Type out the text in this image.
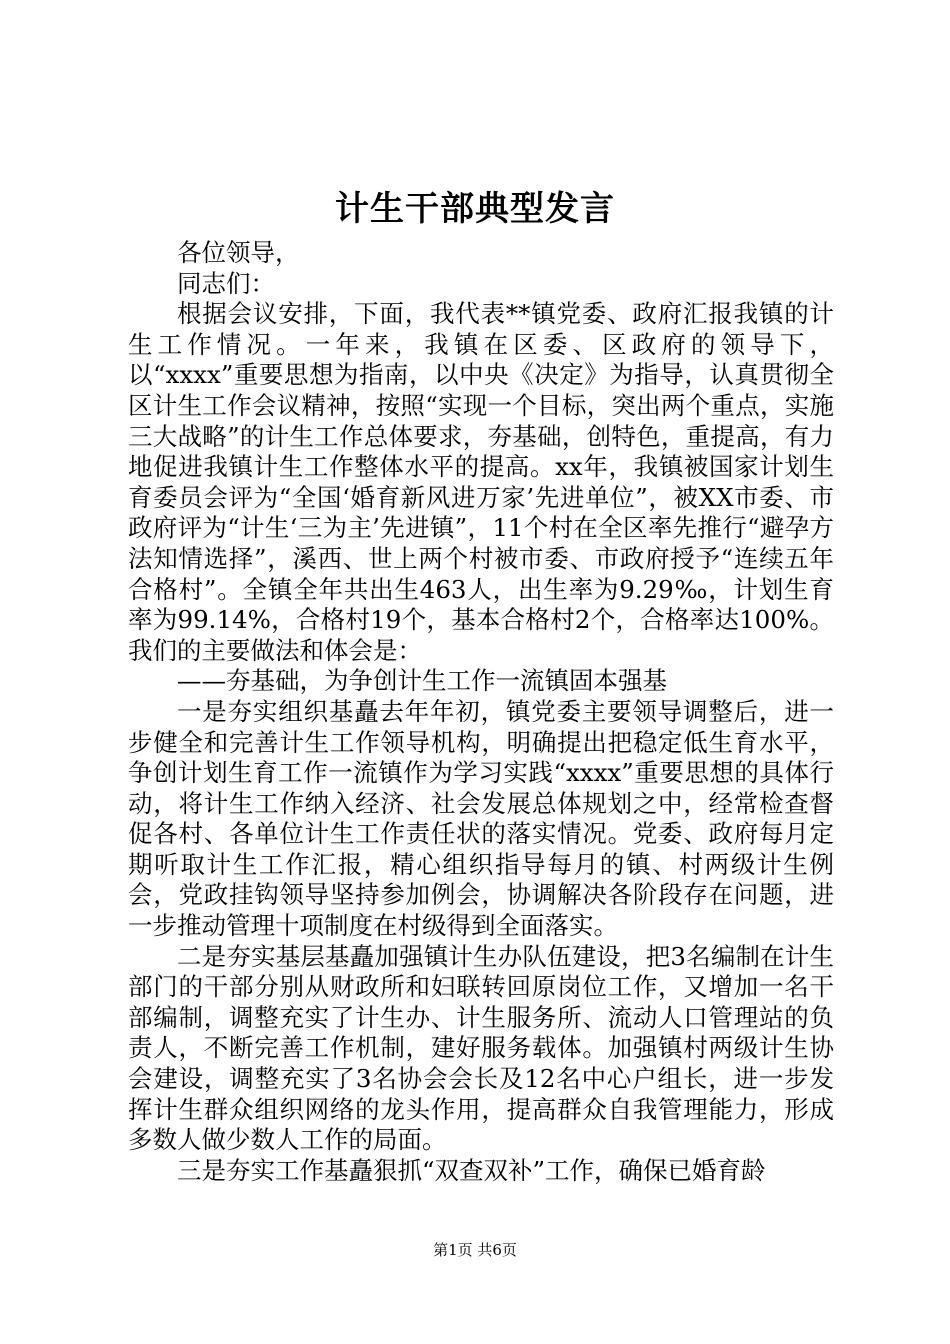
计生干部典型发言

各位领导，

同志们：

根据会议安排，下面，我代表**镇党委、政府汇报我镇的计生工作情况。一年来，我镇在区委、区政府的领导下，以“xxxx”重要思想为指南，以中央《决定》为指导，认真贯彻全区计生工作会议精神，按照“实现一个目标，突出两个重点，实施三大战略”的计生工作总体要求，夯基础，创特色，重提高，有力地促进我镇计生工作整体水平的提高。xx年，我镇被国家计划生育委员会评为“全国‘婚育新风进万家’先进单位”，被XX市委、市政府评为“计生‘三为主’先进镇”，11个村在全区率先推行“避孕方法知情选择”，溪西、世上两个村被市委、市政府授予“连续五年合格村”。全镇全年共出生463人，出生率为9.29‰，计划生育率为99.14%，合格村19个，基本合格村2个，合格率达100%。我们的主要做法和体会是：

——夯基础，为争创计生工作一流镇固本强基

一是夯实组织基矗去年年初，镇党委主要领导调整后，进一步健全和完善计生工作领导机构，明确提出把稳定低生育水平，争创计划生育工作一流镇作为学习实践“xxxx”重要思想的具体行动，将计生工作纳入经济、社会发展总体规划之中，经常检查督促各村、各单位计生工作责任状的落实情况。党委、政府每月定期听取计生工作汇报，精心组织指导每月的镇、村两级计生例会，党政挂钩领导坚持参加例会，协调解决各阶段存在问题，进一步推动管理十项制度在村级得到全面落实。

二是夯实基层基矗加强镇计生办队伍建设，把3名编制在计生部门的干部分别从财政所和妇联转回原岗位工作，又增加一名干部编制，调整充实了计生办、计生服务所、流动人口管理站的负责人，不断完善工作机制，建好服务载体。加强镇村两级计生协会建设，调整充实了3名协会会长及12名中心户组长，进一步发挥计生群众组织网络的龙头作用，提高群众自我管理能力，形成多数人做少数人工作的局面。

三是夯实工作基矗狠抓“双查双补”工作，确保已婚育龄

第1页 共6页
